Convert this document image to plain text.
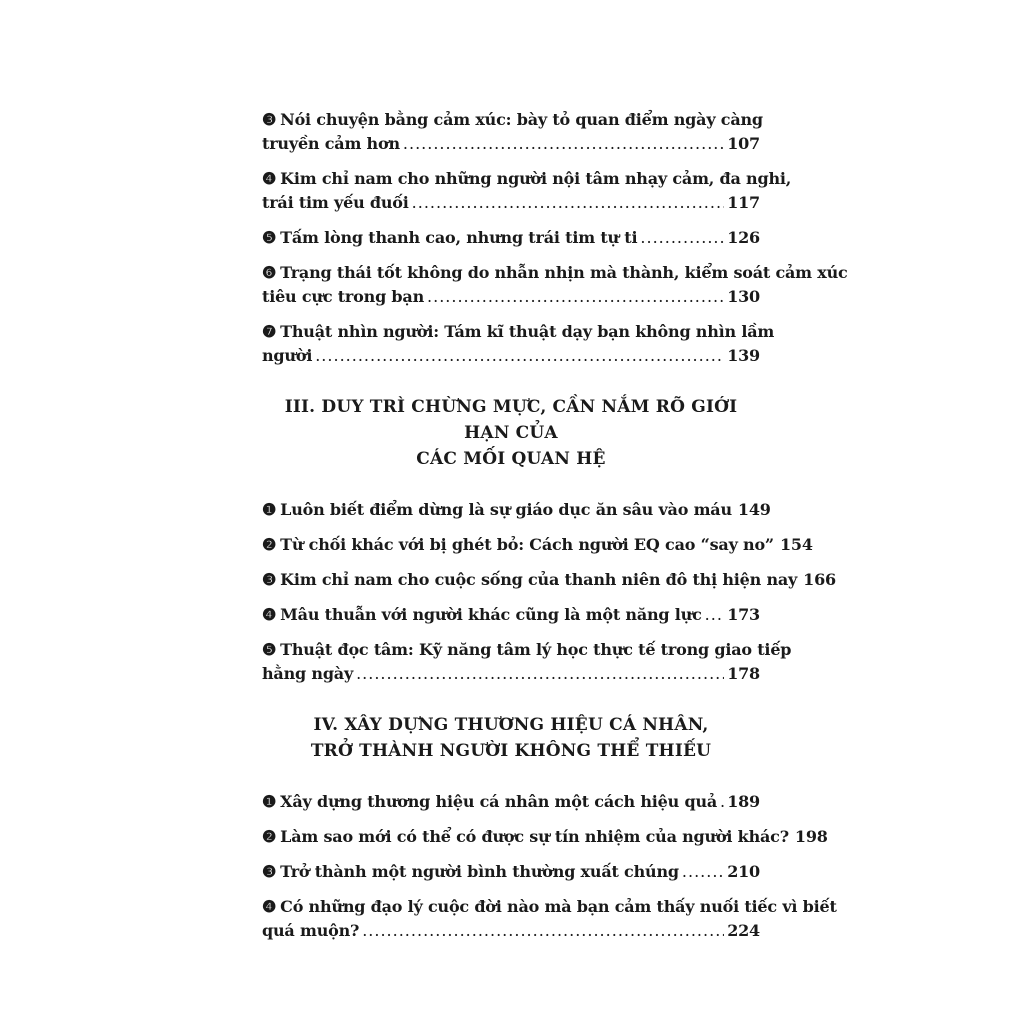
❸ Nói chuyện bằng cảm xúc: bày tỏ quan điểm ngày càng
truyền cảm hơn .....	107
❹ Kim chỉ nam cho những người nội tâm nhạy cảm, đa nghi,
trái tim yếu đuối .....	117
❺ Tấm lòng thanh cao, nhưng trái tim tự ti .....	126
❻ Trạng thái tốt không do nhẫn nhịn mà thành, kiểm soát cảm xúc
tiêu cực trong bạn .....	130
❼ Thuật nhìn người: Tám kĩ thuật dạy bạn không nhìn lầm
người .....	139
III. DUY TRÌ CHỪNG MỰC, CẦN NẮM RÕ GIỚI HẠN CỦA
CÁC MỐI QUAN HỆ
❶ Luôn biết điểm dừng là sự giáo dục ăn sâu vào máu 149
❷ Từ chối khác với bị ghét bỏ: Cách người EQ cao “say no” 154
❸ Kim chỉ nam cho cuộc sống của thanh niên đô thị hiện nay 166
❹ Mâu thuẫn với người khác cũng là một năng lực ..... 173
❺ Thuật đọc tâm: Kỹ năng tâm lý học thực tế trong giao tiếp
hằng ngày .....	178
IV. XÂY DỰNG THƯƠNG HIỆU CÁ NHÂN,
TRỞ THÀNH NGƯỜI KHÔNG THỂ THIẾU
❶ Xây dựng thương hiệu cá nhân một cách hiệu quả ..... 189
❷ Làm sao mới có thể có được sự tín nhiệm của người khác? 198
❸ Trở thành một người bình thường xuất chúng .....	210
❹ Có những đạo lý cuộc đời nào mà bạn cảm thấy nuối tiếc vì biết
quá muộn? .....	224
